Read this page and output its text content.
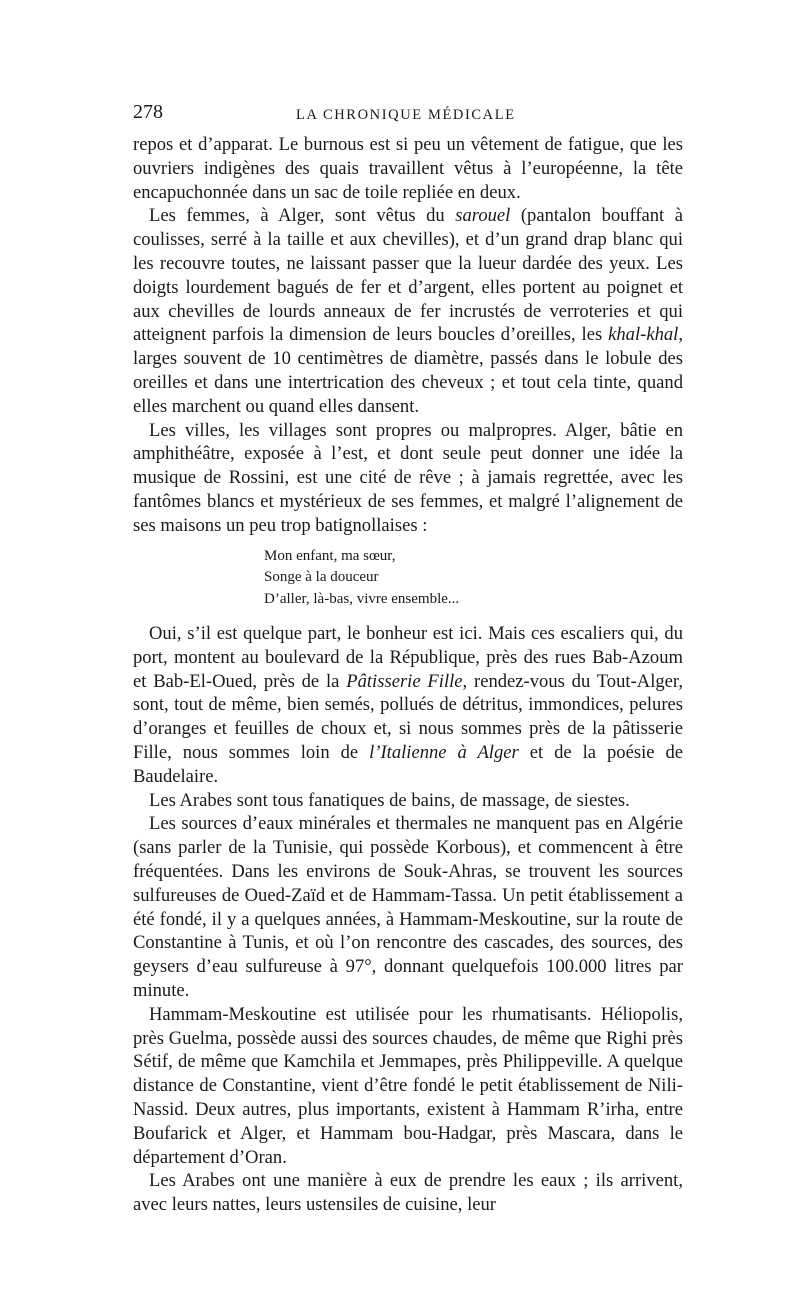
278	LA CHRONIQUE MÉDICALE

repos et d’apparat. Le burnous est si peu un vêtement de fatigue, que les ouvriers indigènes des quais travaillent vêtus à l’européenne, la tête encapuchonnée dans un sac de toile repliée en deux.

Les femmes, à Alger, sont vêtus du sarouel (pantalon bouffant à coulisses, serré à la taille et aux chevilles), et d’un grand drap blanc qui les recouvre toutes, ne laissant passer que la lueur dardée des yeux. Les doigts lourdement bagués de fer et d’argent, elles portent au poignet et aux chevilles de lourds anneaux de fer incrustés de verroteries et qui atteignent parfois la dimension de leurs boucles d’oreilles, les khal-khal, larges souvent de 10 centimètres de diamètre, passés dans le lobule des oreilles et dans une intertrication des cheveux ; et tout cela tinte, quand elles marchent ou quand elles dansent.

Les villes, les villages sont propres ou malpropres. Alger, bâtie en amphithéâtre, exposée à l’est, et dont seule peut donner une idée la musique de Rossini, est une cité de rêve ; à jamais regrettée, avec les fantômes blancs et mystérieux de ses femmes, et malgré l’alignement de ses maisons un peu trop batignollaises :

Mon enfant, ma sœur,
Songe à la douceur
D’aller, là-bas, vivre ensemble...

Oui, s’il est quelque part, le bonheur est ici. Mais ces escaliers qui, du port, montent au boulevard de la République, près des rues Bab-Azoum et Bab-El-Oued, près de la Pâtisserie Fille, rendez-vous du Tout-Alger, sont, tout de même, bien semés, pollués de détritus, immondices, pelures d’oranges et feuilles de choux et, si nous sommes près de la pâtisserie Fille, nous sommes loin de l’Italienne à Alger et de la poésie de Baudelaire.

Les Arabes sont tous fanatiques de bains, de massage, de siestes.

Les sources d’eaux minérales et thermales ne manquent pas en Algérie (sans parler de la Tunisie, qui possède Korbous), et commencent à être fréquentées. Dans les environs de Souk-Ahras, se trouvent les sources sulfureuses de Oued-Zaïd et de Hammam-Tassa. Un petit établissement a été fondé, il y a quelques années, à Hammam-Meskoutine, sur la route de Constantine à Tunis, et où l’on rencontre des cascades, des sources, des geysers d’eau sulfureuse à 97°, donnant quelquefois 100.000 litres par minute.

Hammam-Meskoutine est utilisée pour les rhumatisants. Héliopolis, près Guelma, possède aussi des sources chaudes, de même que Righi près Sétif, de même que Kamchila et Jemmapes, près Philippeville. A quelque distance de Constantine, vient d’être fondé le petit établissement de Nili-Nassid. Deux autres, plus importants, existent à Hammam R’irha, entre Boufarick et Alger, et Hammam bou-Hadgar, près Mascara, dans le département d’Oran.

Les Arabes ont une manière à eux de prendre les eaux ; ils arrivent, avec leurs nattes, leurs ustensiles de cuisine, leur
